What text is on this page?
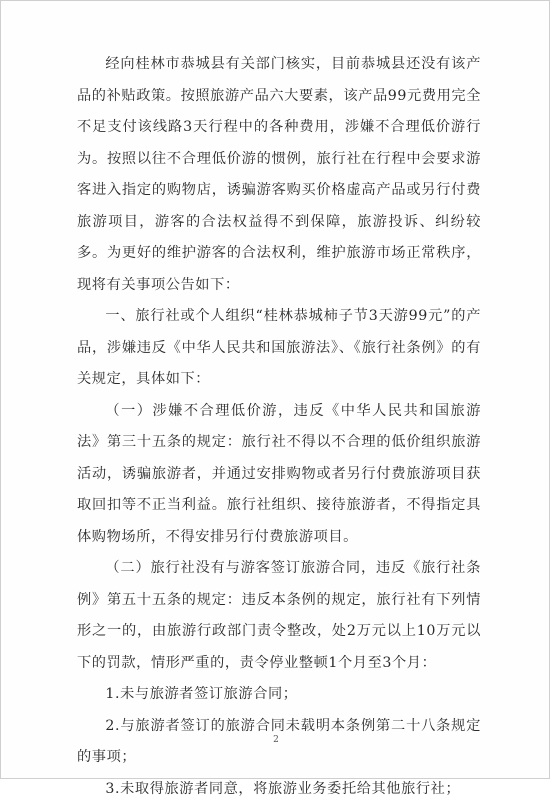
经向桂林市恭城县有关部门核实，目前恭城县还没有该产品的补贴政策。按照旅游产品六大要素，该产品99元费用完全不足支付该线路3天行程中的各种费用，涉嫌不合理低价游行为。按照以往不合理低价游的惯例，旅行社在行程中会要求游客进入指定的购物店，诱骗游客购买价格虚高产品或另行付费旅游项目，游客的合法权益得不到保障，旅游投诉、纠纷较多。为更好的维护游客的合法权利，维护旅游市场正常秩序，现将有关事项公告如下：

一、旅行社或个人组织“桂林恭城柿子节3天游99元”的产品，涉嫌违反《中华人民共和国旅游法》、《旅行社条例》的有关规定，具体如下：

（一）涉嫌不合理低价游，违反《中华人民共和国旅游法》第三十五条的规定：旅行社不得以不合理的低价组织旅游活动，诱骗旅游者，并通过安排购物或者另行付费旅游项目获取回扣等不正当利益。旅行社组织、接待旅游者，不得指定具体购物场所，不得安排另行付费旅游项目。

（二）旅行社没有与游客签订旅游合同，违反《旅行社条例》第五十五条的规定：违反本条例的规定，旅行社有下列情形之一的，由旅游行政部门责令整改，处2万元以上10万元以下的罚款，情形严重的，责令停业整顿1个月至3个月：

1.未与旅游者签订旅游合同；

2.与旅游者签订的旅游合同未载明本条例第二十八条规定的事项；

3.未取得旅游者同意，将旅游业务委托给其他旅行社；

2
